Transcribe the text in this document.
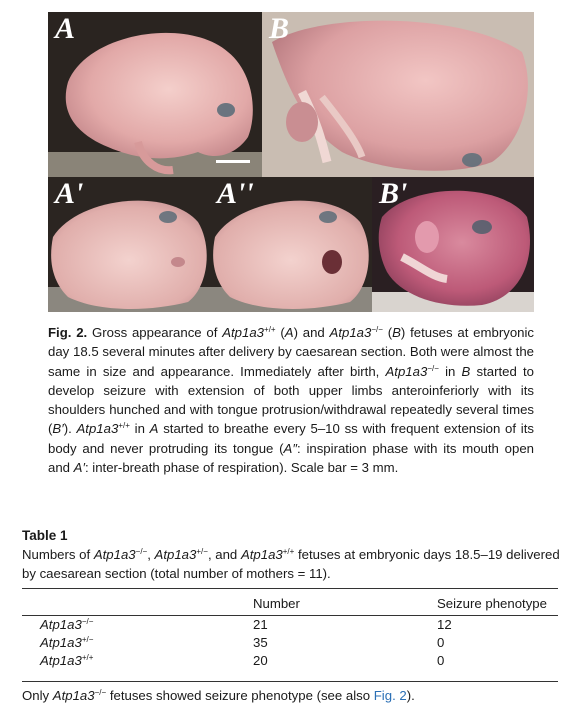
A	B
A'	A''	B'
Fig. 2. Gross appearance of Atp1a3+/+ (A) and Atp1a3−/− (B) fetuses at embryonic day 18.5 several minutes after delivery by caesarean section. Both were almost the same in size and appearance. Immediately after birth, Atp1a3−/− in B started to develop seizure with extension of both upper limbs anteroinferiorly with its shoulders hunched and with tongue protrusion/withdrawal repeatedly several times (B′). Atp1a3+/+ in A started to breathe every 5–10 ss with frequent extension of its body and never protruding its tongue (A″: inspiration phase with its mouth open and A′: inter-breath phase of respiration). Scale bar = 3 mm.
Table 1
Numbers of Atp1a3−/−, Atp1a3+/−, and Atp1a3+/+ fetuses at embryonic days 18.5–19 delivered by caesarean section (total number of mothers = 11).
	Number	Seizure phenotype
Atp1a3−/−	21	12
Atp1a3+/−	35	0
Atp1a3+/+	20	0
Only Atp1a3−/− fetuses showed seizure phenotype (see also Fig. 2).
